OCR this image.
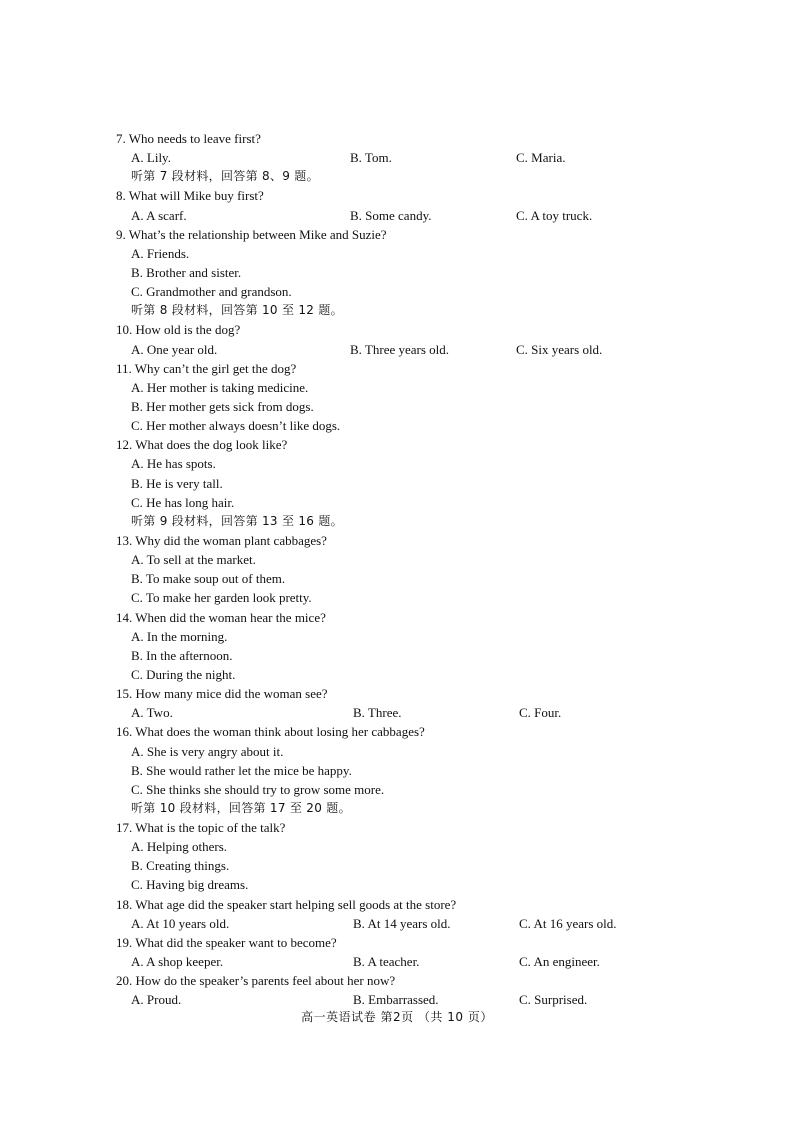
7. Who needs to leave first?
A. Lily.	B. Tom.	C. Maria.
听第 7 段材料，回答第 8、9 题。
8. What will Mike buy first?
A. A scarf.	B. Some candy.	C. A toy truck.
9. What’s the relationship between Mike and Suzie?
A. Friends.
B. Brother and sister.
C. Grandmother and grandson.
听第 8 段材料，回答第 10 至 12 题。
10. How old is the dog?
A. One year old.	B. Three years old.	C. Six years old.
11. Why can’t the girl get the dog?
A. Her mother is taking medicine.
B. Her mother gets sick from dogs.
C. Her mother always doesn’t like dogs.
12. What does the dog look like?
A. He has spots.
B. He is very tall.
C. He has long hair.
听第 9 段材料，回答第 13 至 16 题。
13. Why did the woman plant cabbages?
A. To sell at the market.
B. To make soup out of them.
C. To make her garden look pretty.
14. When did the woman hear the mice?
A. In the morning.
B. In the afternoon.
C. During the night.
15. How many mice did the woman see?
A. Two.	B. Three.	C. Four.
16. What does the woman think about losing her cabbages?
A. She is very angry about it.
B. She would rather let the mice be happy.
C. She thinks she should try to grow some more.
听第 10 段材料，回答第 17 至 20 题。
17. What is the topic of the talk?
A. Helping others.
B. Creating things.
C. Having big dreams.
18. What age did the speaker start helping sell goods at the store?
A. At 10 years old.	B. At 14 years old.	C. At 16 years old.
19. What did the speaker want to become?
A. A shop keeper.	B. A teacher.	C. An engineer.
20. How do the speaker’s parents feel about her now?
A. Proud.	B. Embarrassed.	C. Surprised.
高一英语试卷 第2页 （共 10 页）
